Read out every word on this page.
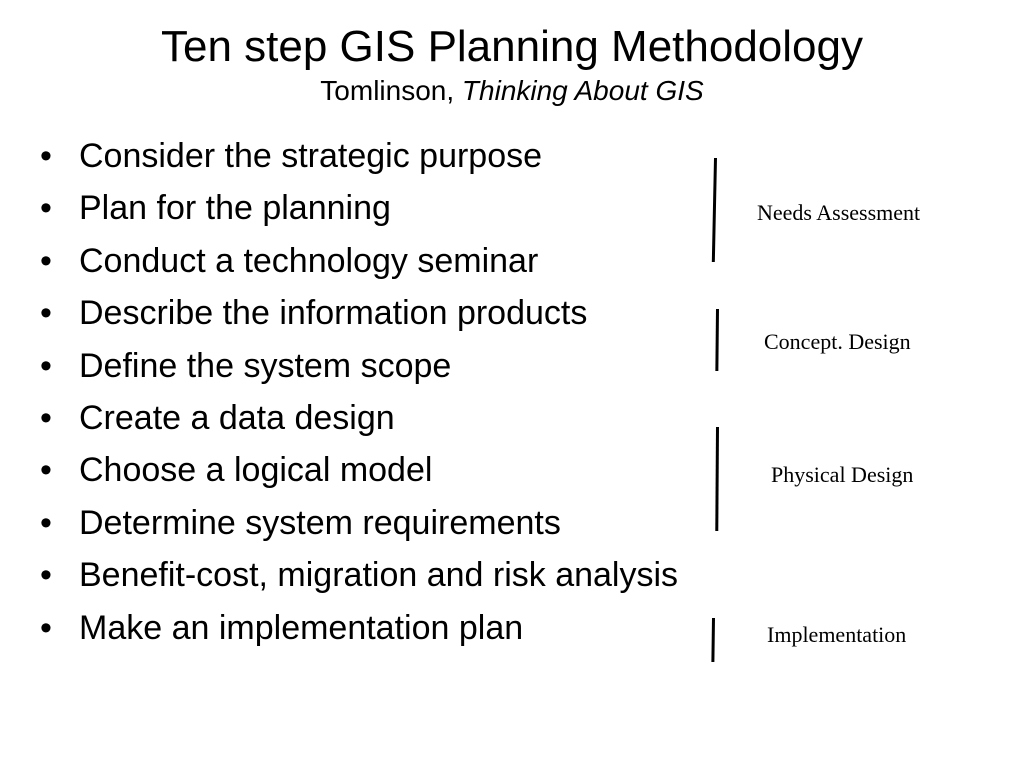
Ten step GIS Planning Methodology

Tomlinson, Thinking About GIS

• Consider the strategic purpose
• Plan for the planning
• Conduct a technology seminar
• Describe the information products
• Define the system scope
• Create a data design
• Choose a logical model
• Determine system requirements
• Benefit-cost, migration and risk analysis
• Make an implementation plan
Needs Assessment
Concept. Design
Physical Design
Implementation
